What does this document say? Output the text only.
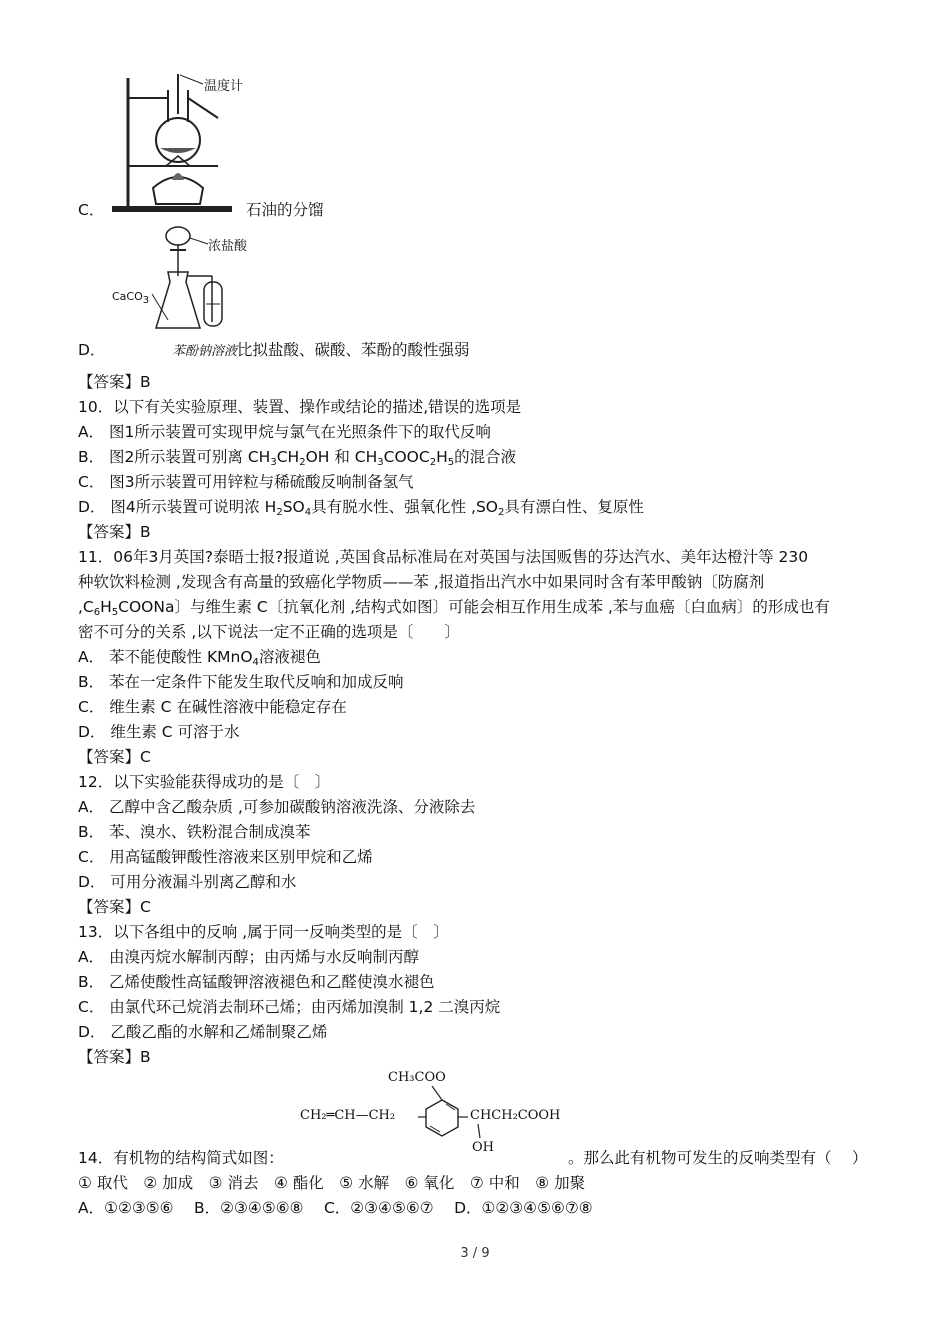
温度计
C．	石油的分馏
浓盐酸
CaCO$_3$
D．	苯酚钠溶液比拟盐酸、碳酸、苯酚的酸性强弱
【答案】B
10．以下有关实验原理、装置、操作或结论的描述,错误的选项是
A． 图1所示装置可实现甲烷与氯气在光照条件下的取代反响
B． 图2所示装置可别离 $CH_3CH_2OH$ 和 $CH_3COOC_2H_5$的混合液
C． 图3所示装置可用锌粒与稀硫酸反响制备氢气
D． 图4所示装置可说明浓 $H_2SO_4$具有脱水性、强氧化性 $,SO_2$具有漂白性、复原性
【答案】B
11．06年3月英国?泰晤士报?报道说 ,英国食品标准局在对英国与法国贩售的芬达汽水、美年达橙汁等 230
种软饮料检测 ,发现含有高量的致癌化学物质——苯 ,报道指出汽水中如果同时含有苯甲酸钠〔防腐剂
$,C_6H_5COONa$〕与维生素 C〔抗氧化剂 ,结构式如图〕可能会相互作用生成苯 ,苯与血癌〔白血病〕的形成也有
密不可分的关系 ,以下说法一定不正确的选项是〔　　〕
A． 苯不能使酸性 KMnO$_4$溶液褪色
B． 苯在一定条件下能发生取代反响和加成反响
C． 维生素 C 在碱性溶液中能稳定存在
D． 维生素 C 可溶于水
【答案】C
12．以下实验能获得成功的是〔　〕
A． 乙醇中含乙酸杂质 ,可参加碳酸钠溶液洗涤、分液除去
B． 苯、溴水、铁粉混合制成溴苯
C． 用高锰酸钾酸性溶液来区别甲烷和乙烯
D． 可用分液漏斗别离乙醇和水
【答案】C
13．以下各组中的反响 ,属于同一反响类型的是〔　〕
A． 由溴丙烷水解制丙醇；由丙烯与水反响制丙醇
B． 乙烯使酸性高锰酸钾溶液褪色和乙醛使溴水褪色
C． 由氯代环己烷消去制环己烯；由丙烯加溴制 1,2 二溴丙烷
D． 乙酸乙酯的水解和乙烯制聚乙烯
【答案】B
CH₃COO
CH₂═CH—CH₂	CHCH₂COOH
OH
14．有机物的结构简式如图：	。那么此有机物可发生的反响类型有（　 ）
① 取代　② 加成　③ 消去　④ 酯化　⑤ 水解　⑥ 氧化　⑦ 中和　⑧ 加聚
A．①②③⑤⑥　 B．②③④⑤⑥⑧　 C．②③④⑤⑥⑦　 D．①②③④⑤⑥⑦⑧
3 / 9
